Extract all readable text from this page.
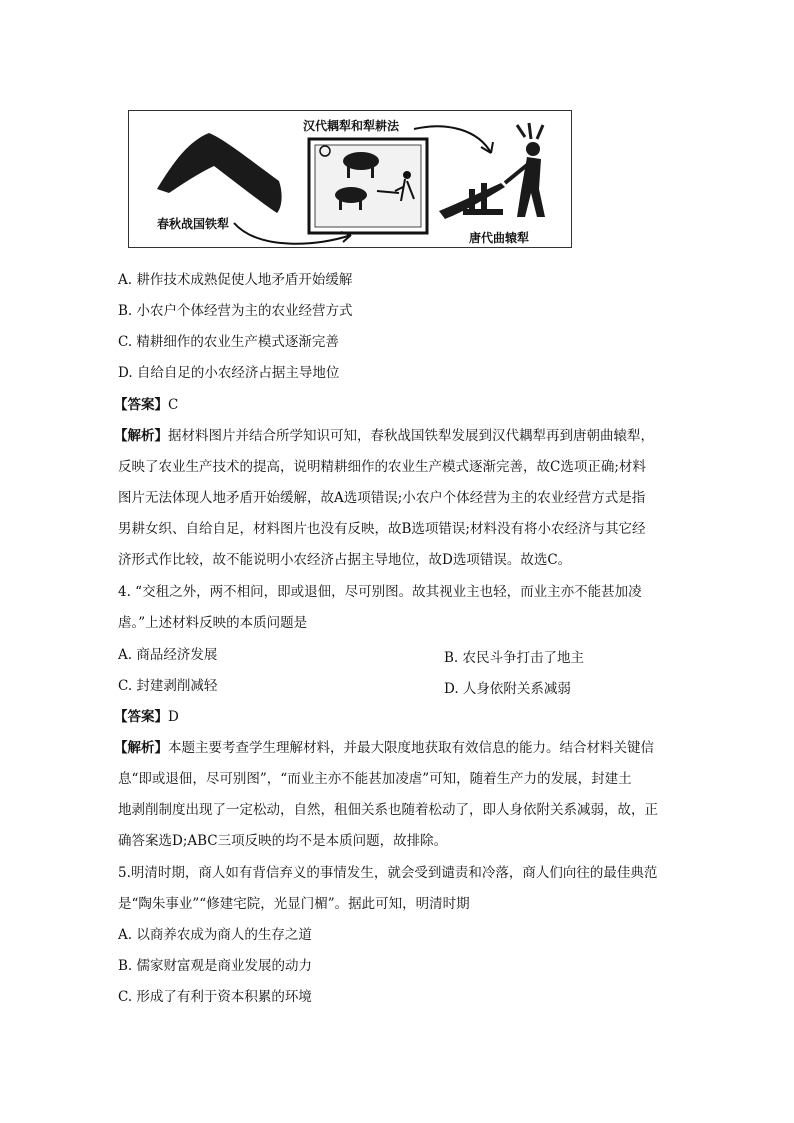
春秋战国铁犁
汉代耦犁和犁耕法
唐代曲辕犁
A. 耕作技术成熟促使人地矛盾开始缓解
B. 小农户个体经营为主的农业经营方式
C. 精耕细作的农业生产模式逐渐完善
D. 自给自足的小农经济占据主导地位
【答案】C
【解析】据材料图片并结合所学知识可知，春秋战国铁犁发展到汉代耦犁再到唐朝曲辕犁，
反映了农业生产技术的提高，说明精耕细作的农业生产模式逐渐完善，故C选项正确;材料
图片无法体现人地矛盾开始缓解，故A选项错误;小农户个体经营为主的农业经营方式是指
男耕女织、自给自足，材料图片也没有反映，故B选项错误;材料没有将小农经济与其它经
济形式作比较，故不能说明小农经济占据主导地位，故D选项错误。故选C。
4. “交租之外，两不相问，即或退佃，尽可别图。故其视业主也轻，而业主亦不能甚加凌
虐。”上述材料反映的本质问题是
A. 商品经济发展	B. 农民斗争打击了地主
C. 封建剥削减轻	D. 人身依附关系减弱
【答案】D
【解析】本题主要考查学生理解材料，并最大限度地获取有效信息的能力。结合材料关键信
息“即或退佃，尽可别图”，“而业主亦不能甚加凌虐”可知，随着生产力的发展，封建土
地剥削制度出现了一定松动，自然，租佃关系也随着松动了，即人身依附关系减弱，故，正
确答案选D;ABC三项反映的均不是本质问题，故排除。
5.明清时期，商人如有背信弃义的事情发生，就会受到谴责和冷落，商人们向往的最佳典范
是“陶朱事业”“修建宅院，光显门楣”。据此可知，明清时期
A. 以商养农成为商人的生存之道
B. 儒家财富观是商业发展的动力
C. 形成了有利于资本积累的环境
